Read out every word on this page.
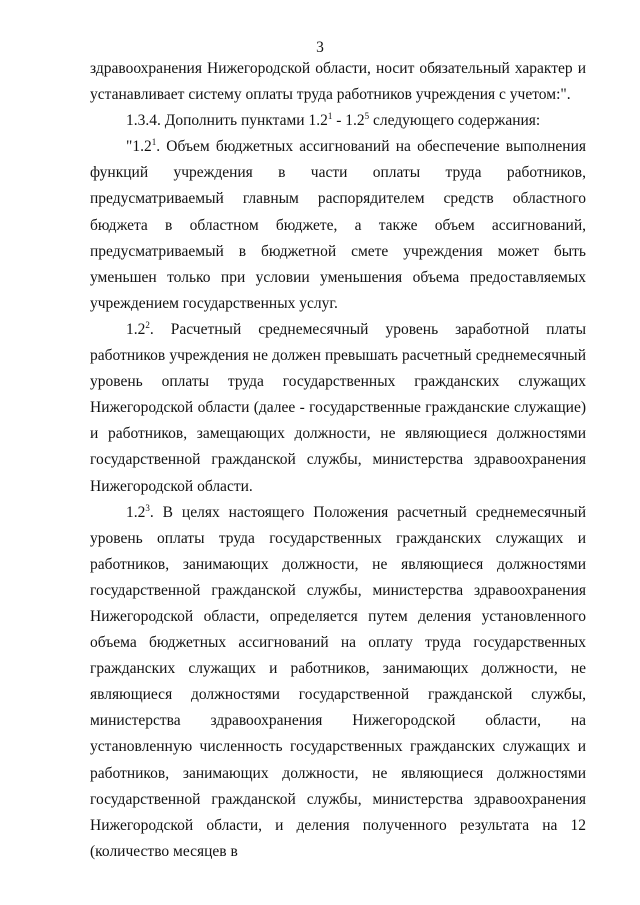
3

здравоохранения Нижегородской области, носит обязательный характер и устанавливает систему оплаты труда работников учреждения с учетом:".

1.3.4. Дополнить пунктами $1.2^1 - 1.2^5$ следующего содержания:

"$1.2^1$. Объем бюджетных ассигнований на обеспечение выполнения функций учреждения в части оплаты труда работников, предусматриваемый главным распорядителем средств областного бюджета в областном бюджете, а также объем ассигнований, предусматриваемый в бюджетной смете учреждения может быть уменьшен только при условии уменьшения объема предоставляемых учреждением государственных услуг.

$1.2^2$. Расчетный среднемесячный уровень заработной платы работников учреждения не должен превышать расчетный среднемесячный уровень оплаты труда государственных гражданских служащих Нижегородской области (далее - государственные гражданские служащие) и работников, замещающих должности, не являющиеся должностями государственной гражданской службы, министерства здравоохранения Нижегородской области.

$1.2^3$. В целях настоящего Положения расчетный среднемесячный уровень оплаты труда государственных гражданских служащих и работников, занимающих должности, не являющиеся должностями государственной гражданской службы, министерства здравоохранения Нижегородской области, определяется путем деления установленного объема бюджетных ассигнований на оплату труда государственных гражданских служащих и работников, занимающих должности, не являющиеся должностями государственной гражданской службы, министерства здравоохранения Нижегородской области, на установленную численность государственных гражданских служащих и работников, занимающих должности, не являющиеся должностями государственной гражданской службы, министерства здравоохранения Нижегородской области, и деления полученного результата на 12 (количество месяцев в
